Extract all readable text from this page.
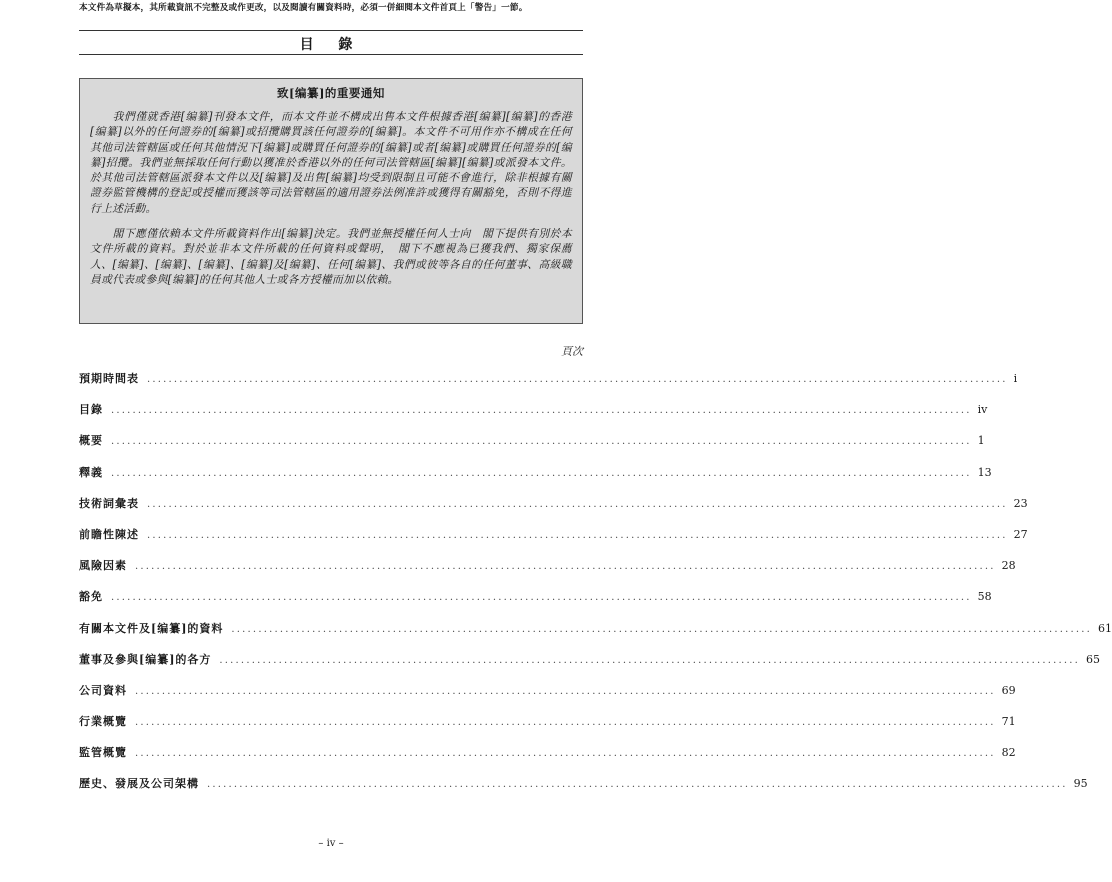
本文件為草擬本，其所載資訊不完整及或作更改，以及閱讀有關資料時，必須一併細閱本文件首頁上「警告」一節。
目 錄
致[编纂]的重要通知

我們僅就香港[编纂]刊發本文件，而本文件並不構成出售本文件根據香港[编纂][编纂]的香港[编纂]以外的任何證券的[编纂]或招攬購買該任何證券的[编纂]。本文件不可用作亦不構成在任何其他司法管轄區或任何其他情況下[编纂]或購買任何證券的[编纂]或者[编纂]或購買任何證券的[编纂]招攬。我們並無採取任何行動以獲准於香港以外的任何司法管轄區[编纂][编纂]或派發本文件。於其他司法管轄區派發本文件以及[编纂]及出售[编纂]均受到限制且可能不會進行，除非根據有關證券監管機構的登記或授權而獲該等司法管轄區的適用證券法例准許或獲得有關豁免，否則不得進行上述活動。

閣下應僅依賴本文件所載資料作出[编纂]決定。我們並無授權任何人士向　閣下提供有別於本文件所載的資料。對於並非本文件所載的任何資料或聲明，　閣下不應視為已獲我們、獨家保薦人、[编纂]、[编纂]、[编纂]、[编纂]及[编纂]、任何[编纂]、我們或彼等各自的任何董事、高級職員或代表或參與[编纂]的任何其他人士或各方授權而加以依賴。

頁次
預期時間表 ................................................................................................................................................................ i
目錄 ................................................................................................................................................................ iv
概要 ................................................................................................................................................................ 1
釋義 ................................................................................................................................................................ 13
技術詞彙表 ................................................................................................................................................................ 23
前瞻性陳述 ................................................................................................................................................................ 27
風險因素 ................................................................................................................................................................ 28
豁免 ................................................................................................................................................................ 58
有關本文件及[编纂]的資料 ................................................................................................................................................................ 61
董事及參與[编纂]的各方 ................................................................................................................................................................ 65
公司資料 ................................................................................................................................................................ 69
行業概覽 ................................................................................................................................................................ 71
監管概覽 ................................................................................................................................................................ 82
歷史、發展及公司架構 ................................................................................................................................................................ 95
– iv –
